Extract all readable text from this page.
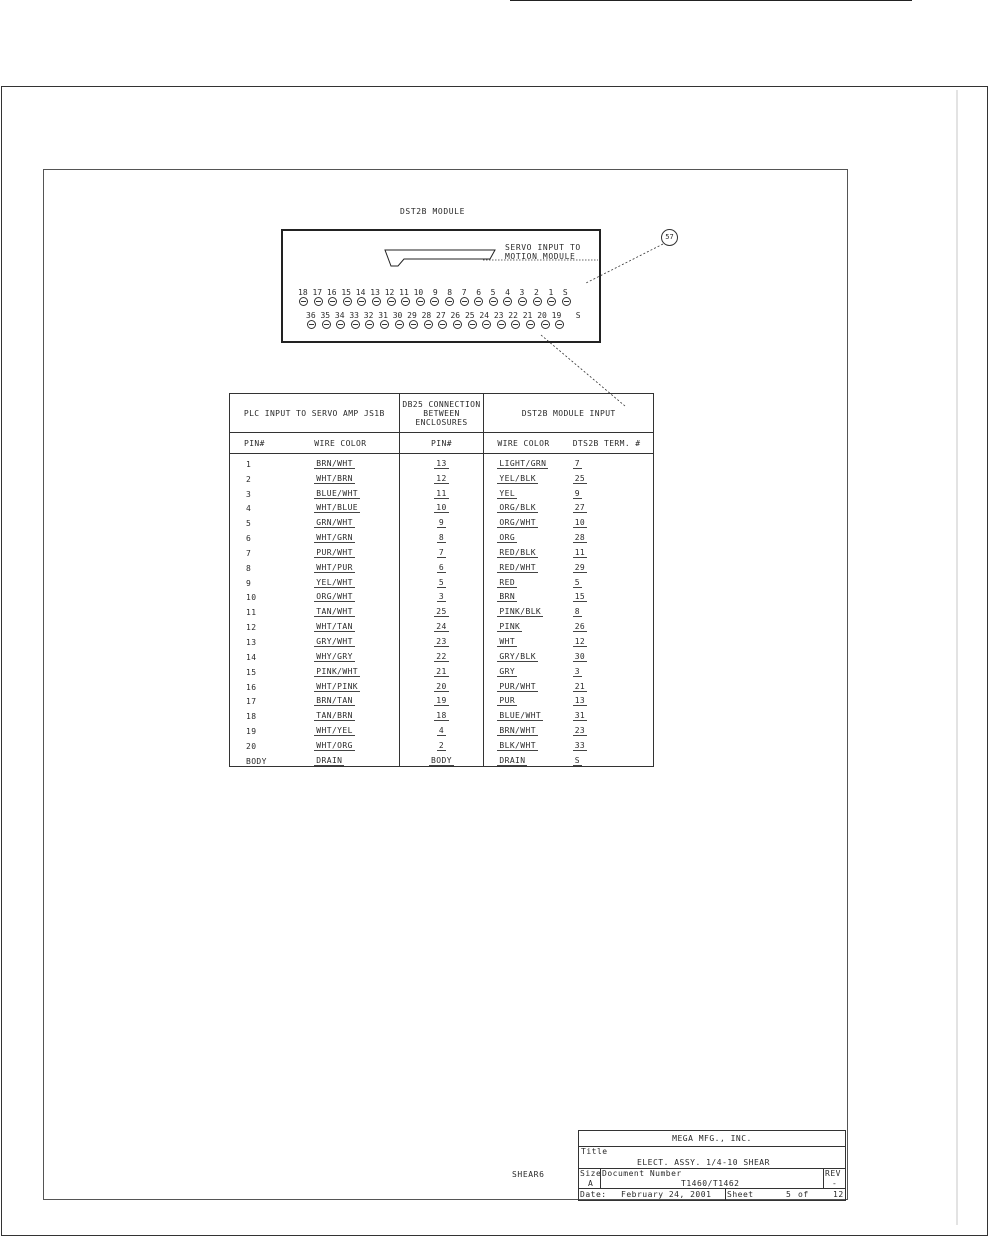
DST2B MODULE
SERVO INPUT TO
MOTION MODULE
18 17 16 15 14 13 12 11 10  9  8  7  6  5  4  3  2  1  S
36 35 34 33 32 31 30 29 28 27 26 25 24 23 22 21 20 19   S
57
PLC INPUT TO SERVO AMP JS1B		DB25 CONNECTION BETWEEN ENCLOSURES	DST2B MODULE INPUT	
PIN#	WIRE COLOR	PIN#	WIRE COLOR	DTS2B TERM. #
1	BRN/WHT	13	LIGHT/GRN	7
2	WHT/BRN	12	YEL/BLK	25
3	BLUE/WHT	11	YEL	9
4	WHT/BLUE	10	ORG/BLK	27
5	GRN/WHT	9	ORG/WHT	10
6	WHT/GRN	8	ORG	28
7	PUR/WHT	7	RED/BLK	11
8	WHT/PUR	6	RED/WHT	29
9	YEL/WHT	5	RED	5
10	ORG/WHT	3	BRN	15
11	TAN/WHT	25	PINK/BLK	8
12	WHT/TAN	24	PINK	26
13	GRY/WHT	23	WHT	12
14	WHY/GRY	22	GRY/BLK	30
15	PINK/WHT	21	GRY	3
16	WHT/PINK	20	PUR/WHT	21
17	BRN/TAN	19	PUR	13
18	TAN/BRN	18	BLUE/WHT	31
19	WHT/YEL	4	BRN/WHT	23
20	WHT/ORG	2	BLK/WHT	33
BODY	DRAIN	BODY	DRAIN	S
SHEAR6
MEGA MFG., INC.
Title
ELECT. ASSY. 1/4-10 SHEAR
Size
A
Document Number
T1460/T1462
REV
-
Date: February 24, 2001 Sheet	5 of	12
